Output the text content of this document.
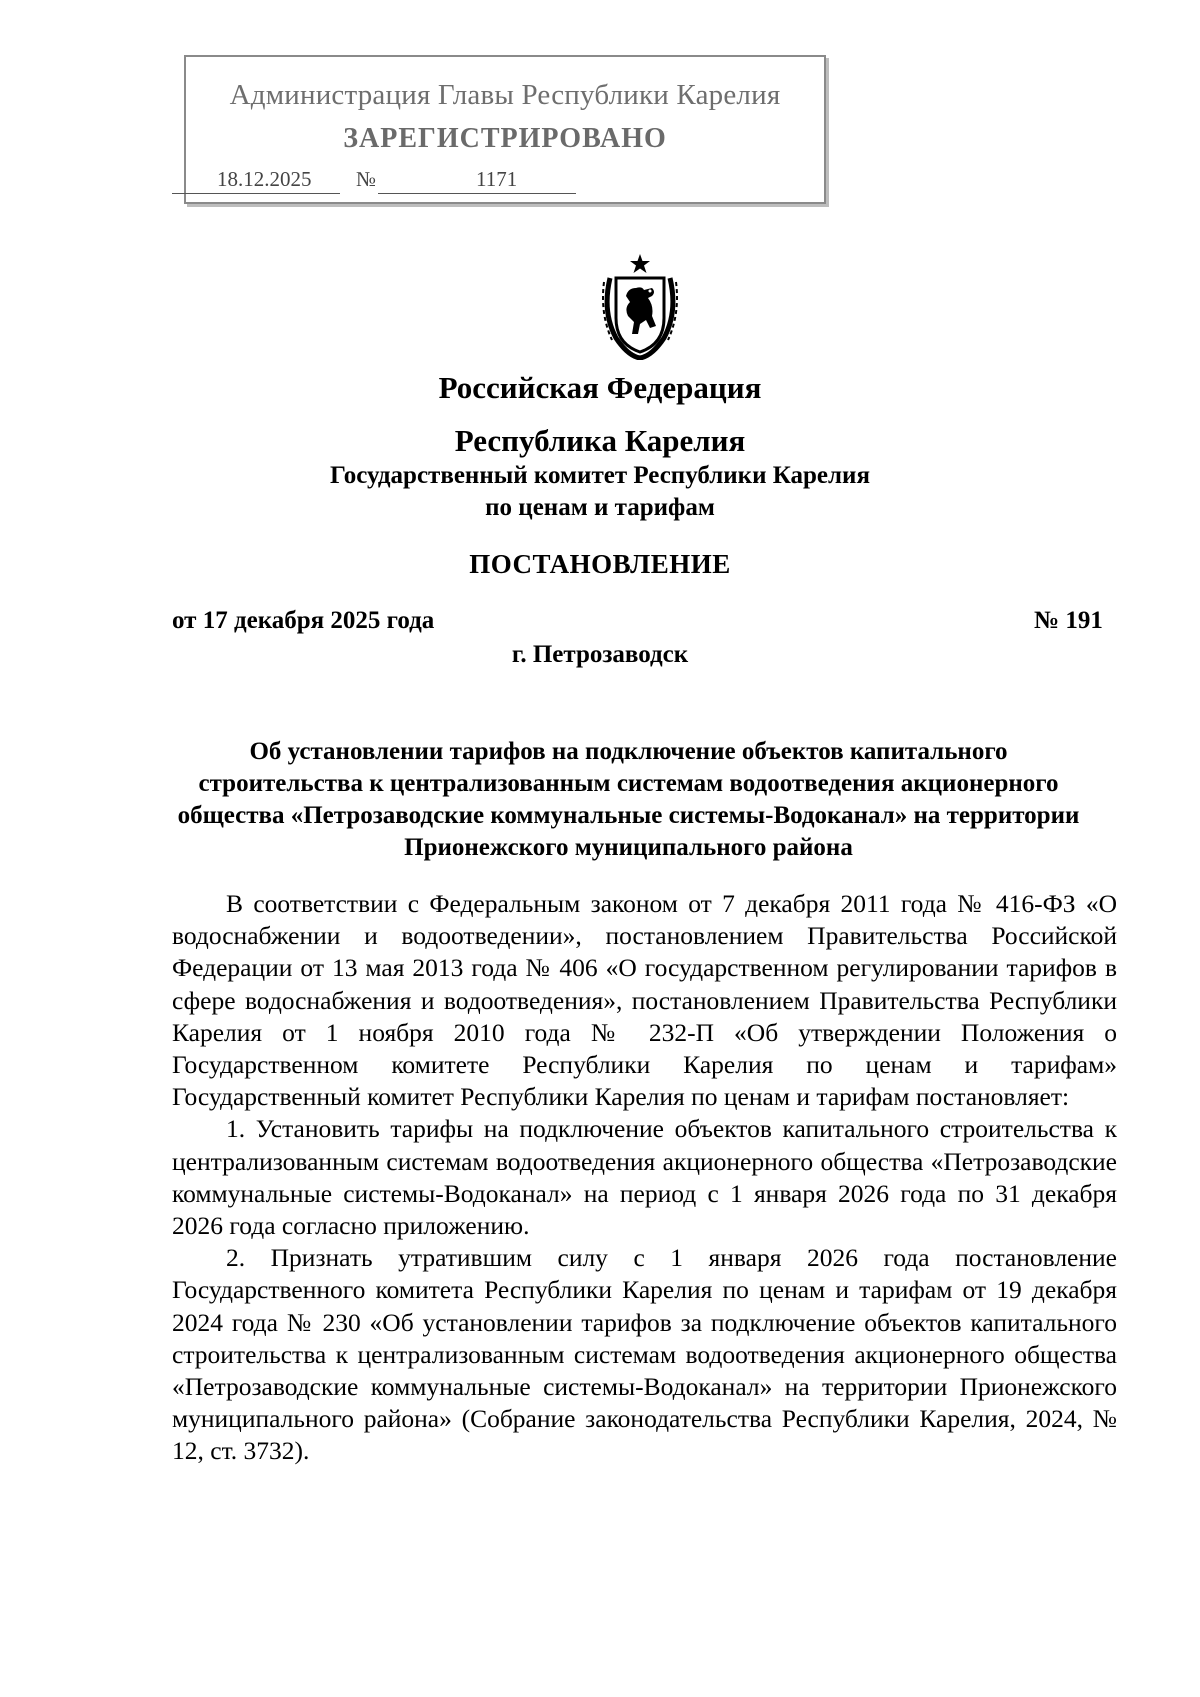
Администрация Главы Республики Карелия
ЗАРЕГИСТРИРОВАНО
18.12.2025 №	1171
Российская Федерация
Республика Карелия
Государственный комитет Республики Карелия
по ценам и тарифам
ПОСТАНОВЛЕНИЕ
от 17 декабря 2025 года	№ 191
г. Петрозаводск
Об установлении тарифов на подключение объектов капитального строительства к централизованным системам водоотведения акционерного общества «Петрозаводские коммунальные системы-Водоканал» на территории Прионежского муниципального района

В соответствии с Федеральным законом от 7 декабря 2011 года № 416-ФЗ «О водоснабжении и водоотведении», постановлением Правительства Российской Федерации от 13 мая 2013 года № 406 «О государственном регулировании тарифов в сфере водоснабжения и водоотведения», постановлением Правительства Республики Карелия от 1 ноября 2010 года № 232-П «Об утверждении Положения о Государственном комитете Республики Карелия по ценам и тарифам» Государственный комитет Республики Карелия по ценам и тарифам постановляет:

1. Установить тарифы на подключение объектов капитального строительства к централизованным системам водоотведения акционерного общества «Петрозаводские коммунальные системы-Водоканал» на период с 1 января 2026 года по 31 декабря 2026 года согласно приложению.

2. Признать утратившим силу с 1 января 2026 года постановление Государственного комитета Республики Карелия по ценам и тарифам от 19 декабря 2024 года № 230 «Об установлении тарифов за подключение объектов капитального строительства к централизованным системам водоотведения акционерного общества «Петрозаводские коммунальные системы-Водоканал» на территории Прионежского муниципального района» (Собрание законодательства Республики Карелия, 2024, № 12, ст. 3732).
